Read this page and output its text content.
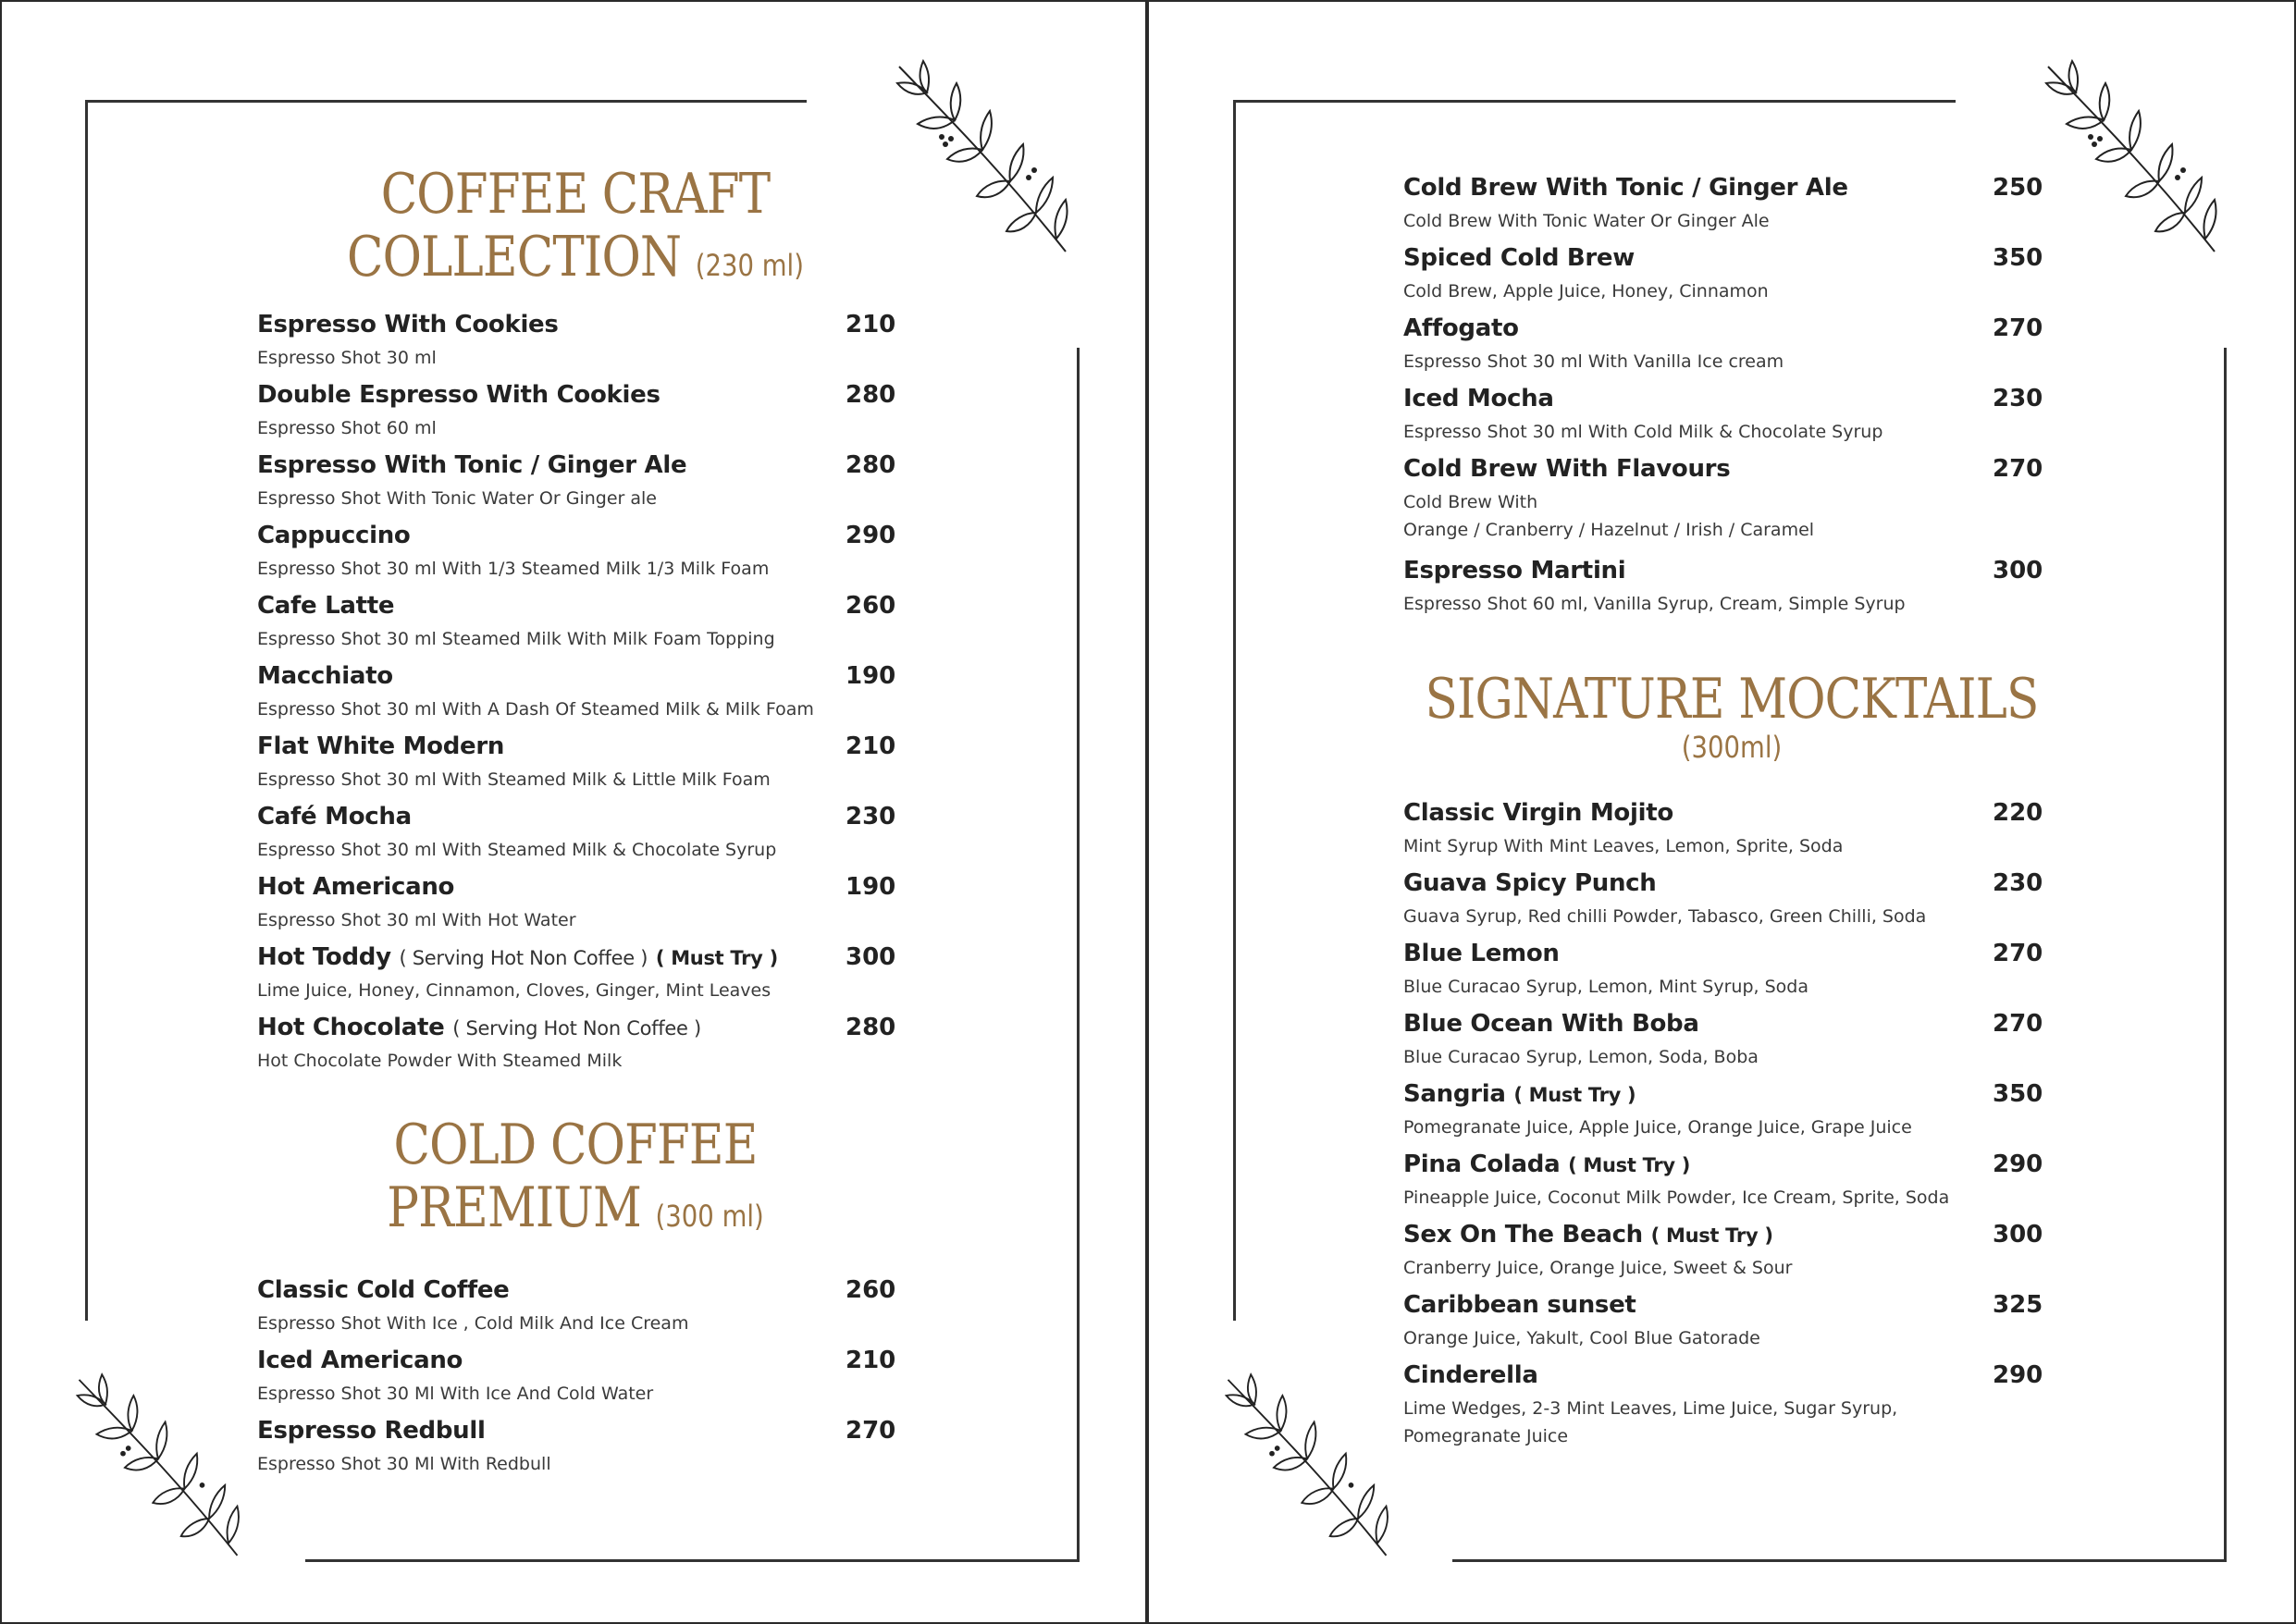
COFFEE CRAFT
COLLECTION (230 ml)
Espresso With Cookies	210
Espresso Shot 30 ml
Double Espresso With Cookies	280
Espresso Shot 60 ml
Espresso With Tonic / Ginger Ale	280
Espresso Shot With Tonic Water Or Ginger ale
Cappuccino	290
Espresso Shot 30 ml With 1/3 Steamed Milk 1/3 Milk Foam
Cafe Latte	260
Espresso Shot 30 ml Steamed Milk With Milk Foam Topping
Macchiato	190
Espresso Shot 30 ml With A Dash Of Steamed Milk & Milk Foam
Flat White Modern	210
Espresso Shot 30 ml With Steamed Milk & Little Milk Foam
Café Mocha	230
Espresso Shot 30 ml With Steamed Milk & Chocolate Syrup
Hot Americano	190
Espresso Shot 30 ml With Hot Water
Hot Toddy ( Serving Hot Non Coffee ) ( Must Try )	300
Lime Juice, Honey, Cinnamon, Cloves, Ginger, Mint Leaves
Hot Chocolate ( Serving Hot Non Coffee )	280
Hot Chocolate Powder With Steamed Milk
COLD COFFEE
PREMIUM (300 ml)
Classic Cold Coffee	260
Espresso Shot With Ice , Cold Milk And Ice Cream
Iced Americano	210
Espresso Shot 30 Ml With Ice And Cold Water
Espresso Redbull	270
Espresso Shot 30 Ml With Redbull
Cold Brew With Tonic / Ginger Ale	250
Cold Brew With Tonic Water Or Ginger Ale
Spiced Cold Brew	350
Cold Brew, Apple Juice, Honey, Cinnamon
Affogato	270
Espresso Shot 30 ml With Vanilla Ice cream
Iced Mocha	230
Espresso Shot 30 ml With Cold Milk & Chocolate Syrup
Cold Brew With Flavours	270
Cold Brew With
Orange / Cranberry / Hazelnut / Irish / Caramel
Espresso Martini	300
Espresso Shot 60 ml, Vanilla Syrup, Cream, Simple Syrup
SIGNATURE MOCKTAILS
(300ml)
Classic Virgin Mojito	220
Mint Syrup With Mint Leaves, Lemon, Sprite, Soda
Guava Spicy Punch	230
Guava Syrup, Red chilli Powder, Tabasco, Green Chilli, Soda
Blue Lemon	270
Blue Curacao Syrup, Lemon, Mint Syrup, Soda
Blue Ocean With Boba	270
Blue Curacao Syrup, Lemon, Soda, Boba
Sangria ( Must Try )	350
Pomegranate Juice, Apple Juice, Orange Juice, Grape Juice
Pina Colada ( Must Try )	290
Pineapple Juice, Coconut Milk Powder, Ice Cream, Sprite, Soda
Sex On The Beach ( Must Try )	300
Cranberry Juice, Orange Juice, Sweet & Sour
Caribbean sunset	325
Orange Juice, Yakult, Cool Blue Gatorade
Cinderella	290
Lime Wedges, 2-3 Mint Leaves, Lime Juice, Sugar Syrup,
Pomegranate Juice
